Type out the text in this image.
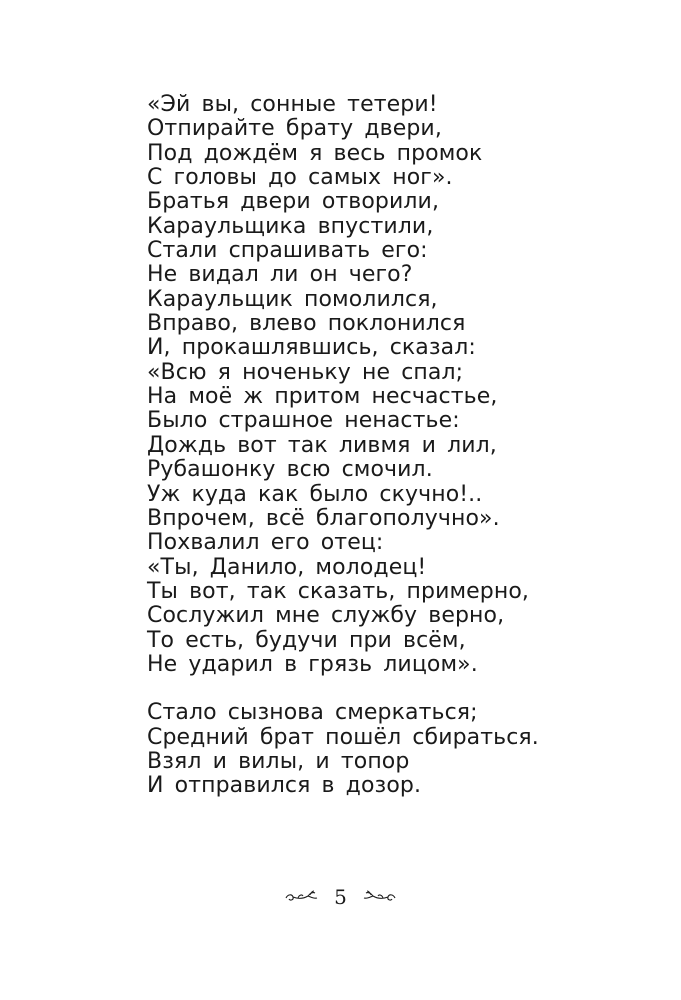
«Эй вы, сонные тетери!
Отпирайте брату двери,
Под дождём я весь промок
С головы до самых ног».
Братья двери отворили,
Караульщика впустили,
Стали спрашивать его:
Не видал ли он чего?
Караульщик помолился,
Вправо, влево поклонился
И, прокашлявшись, сказал:
«Всю я ноченьку не спал;
На моё ж притом несчастье,
Было страшное ненастье:
Дождь вот так ливмя и лил,
Рубашонку всю смочил.
Уж куда как было скучно!..
Впрочем, всё благополучно».
Похвалил его отец:
«Ты, Данило, молодец!
Ты вот, так сказать, примерно,
Сослужил мне службу верно,
То есть, будучи при всём,
Не ударил в грязь лицом».
Стало сызнова смеркаться;
Средний брат пошёл сбираться.
Взял и вилы, и топор
И отправился в дозор.
5
